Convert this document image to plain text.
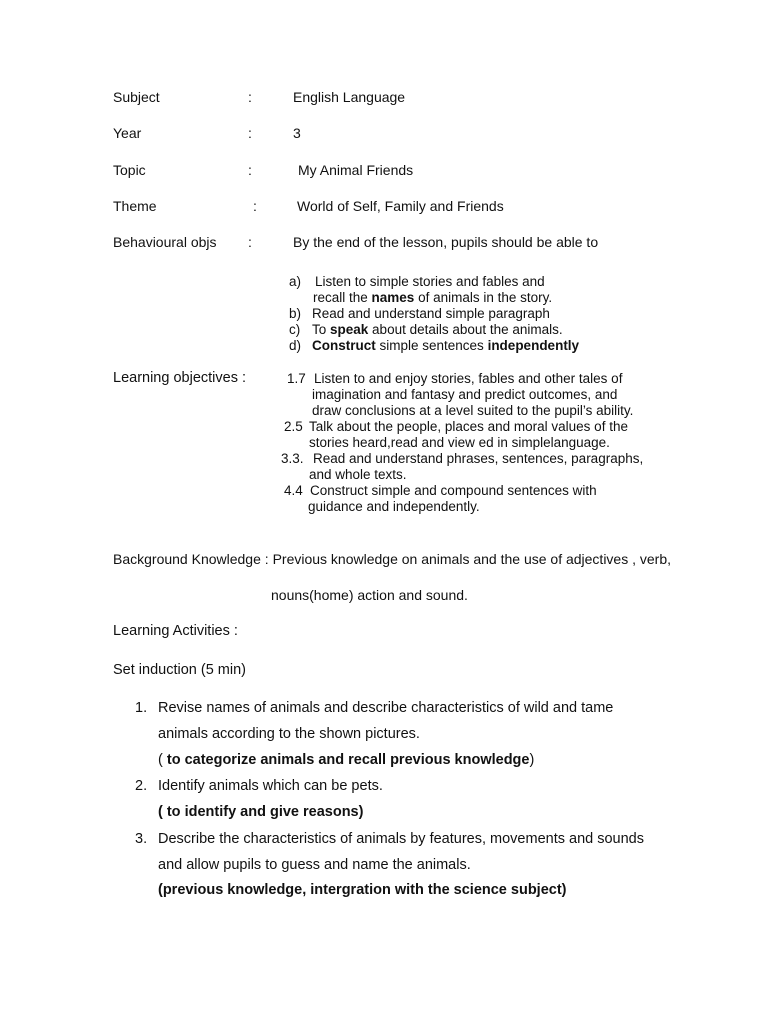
Subject	:	English Language
Year	:	3
Topic	:	My Animal Friends
Theme	:	World of Self, Family and Friends
Behavioural objs :	By the end of the lesson, pupils should be able to
a) Listen to simple stories and fables and
recall the names of animals in the story.
b) Read and understand simple paragraph
c) To speak about details about the animals.
d) Construct simple sentences independently
Learning objectives :	1.7 Listen to and enjoy stories, fables and other tales of
imagination and fantasy and predict outcomes, and
draw conclusions at a level suited to the pupil’s ability.
2.5 Talk about the people, places and moral values of the
stories heard,read and view ed in simplelanguage.
3.3. Read and understand phrases, sentences, paragraphs,
and whole texts.
4.4 Construct simple and compound sentences with
guidance and independently.
Background Knowledge : Previous knowledge on animals and the use of adjectives , verb,
nouns(home) action and sound.
Learning Activities :
Set induction (5 min)
1. Revise names of animals and describe characteristics of wild and tame
animals according to the shown pictures.
( to categorize animals and recall previous knowledge)
2. Identify animals which can be pets.
( to identify and give reasons)
3. Describe the characteristics of animals by features, movements and sounds
and allow pupils to guess and name the animals.
(previous knowledge, intergration with the science subject)
